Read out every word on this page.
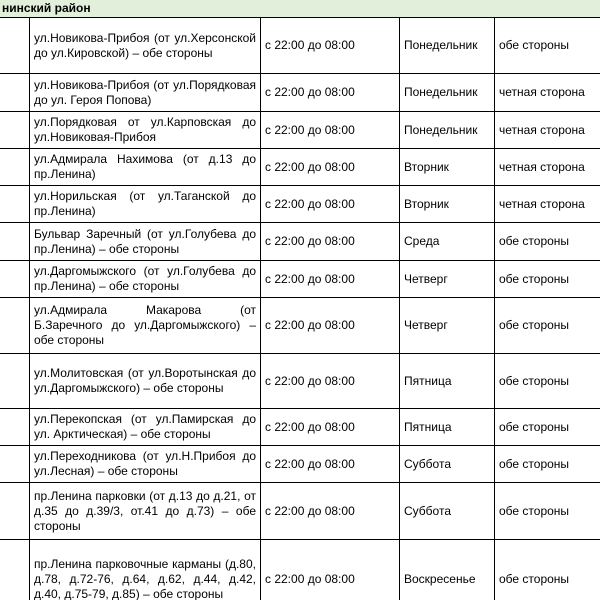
нинский район
	ул.Новикова-Прибоя (от ул.Херсонской до ул.Кировской) – обе стороны	с 22:00 до 08:00	Понедельник	обе стороны
	ул.Новикова-Прибоя (от ул.Порядковая до ул. Героя Попова)	с 22:00 до 08:00	Понедельник	четная сторона
	ул.Порядковая от ул.Карповская до ул.Новиковая-Прибоя	с 22:00 до 08:00	Понедельник	четная сторона
	ул.Адмирала Нахимова (от д.13 до пр.Ленина)	с 22:00 до 08:00	Вторник	четная сторона
	ул.Норильская (от ул.Таганской до пр.Ленина)	с 22:00 до 08:00	Вторник	четная сторона
	Бульвар Заречный (от ул.Голубева до пр.Ленина) – обе стороны	с 22:00 до 08:00	Среда	обе стороны
	ул.Даргомыжского (от ул.Голубева до пр.Ленина) – обе стороны	с 22:00 до 08:00	Четверг	обе стороны
	ул.Адмирала Макарова (от Б.Заречного до ул.Даргомыжского) – обе стороны	с 22:00 до 08:00	Четверг	обе стороны
	ул.Молитовская (от ул.Воротынская до ул.Даргомыжского) – обе стороны	с 22:00 до 08:00	Пятница	обе стороны
	ул.Перекопская (от ул.Памирская до ул. Арктическая) – обе стороны	с 22:00 до 08:00	Пятница	обе стороны
	ул.Переходникова (от ул.Н.Прибоя до ул.Лесная) – обе стороны	с 22:00 до 08:00	Суббота	обе стороны
	пр.Ленина парковки (от д.13 до д.21, от д.35 до д.39/3, от.41 до д.73) – обе стороны	с 22:00 до 08:00	Суббота	обе стороны
	пр.Ленина парковочные карманы (д.80, д.78, д.72-76, д.64, д.62, д.44, д.42, д.40, д.75-79, д.85) – обе стороны	с 22:00 до 08:00	Воскресенье	обе стороны
